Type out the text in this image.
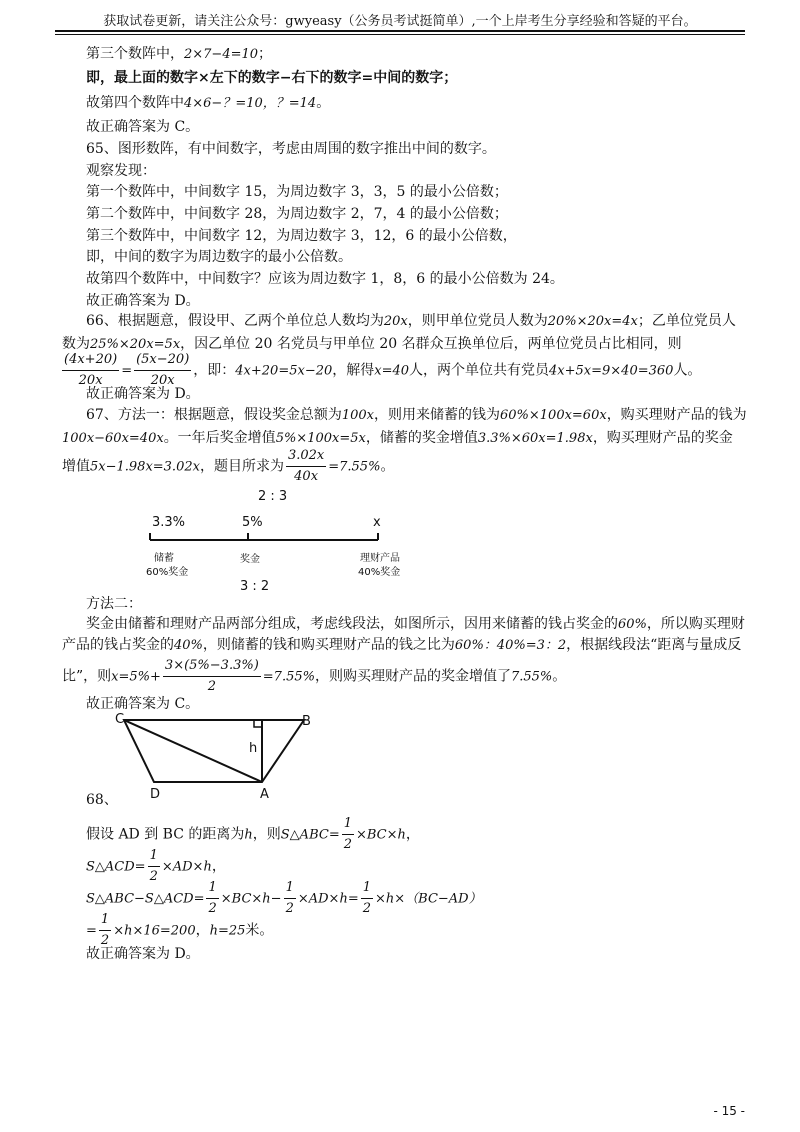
获取试卷更新，请关注公众号：gwyeasy（公务员考试挺简单）,一个上岸考生分享经验和答疑的平台。
第三个数阵中，2×7−4=10；
即，最上面的数字×左下的数字−右下的数字=中间的数字；
故第四个数阵中4×6−？=10，？=14。
故正确答案为 C。
65、图形数阵，有中间数字，考虑由周围的数字推出中间的数字。
观察发现：
第一个数阵中，中间数字 15，为周边数字 3，3，5 的最小公倍数；
第二个数阵中，中间数字 28，为周边数字 2，7，4 的最小公倍数；
第三个数阵中，中间数字 12，为周边数字 3，12，6 的最小公倍数，
即，中间的数字为周边数字的最小公倍数。
故第四个数阵中，中间数字？应该为周边数字 1，8，6 的最小公倍数为 24。
故正确答案为 D。
66、根据题意，假设甲、乙两个单位总人数均为20x，则甲单位党员人数为20%×20x=4x；乙单位党员人
数为25%×20x=5x，因乙单位 20 名党员与甲单位 20 名群众互换单位后，两单位党员占比相同，则
$\frac{(4x+20)}{20x} = \frac{(5x-20)}{20x}$ ，即：4x+20=5x−20，解得x=40人，两个单位共有党员4x+5x=9×40=360人。
故正确答案为 D。
67、方法一：根据题意，假设奖金总额为100x，则用来储蓄的钱为60%×100x=60x，购买理财产品的钱为
100x−60x=40x。一年后奖金增值5%×100x=5x，储蓄的奖金增值3.3%×60x=1.98x，购买理财产品的奖金
增值5x−1.98x=3.02x，题目所求为 $\frac{3.02x}{40x} =7.55\%$。
2 : 3
3.3%	5%	x
储蓄
60%奖金
奖金	理财产品
40%奖金
3 : 2
方法二：
奖金由储蓄和理财产品两部分组成，考虑线段法，如图所示，因用来储蓄的钱占奖金的60%，所以购买理财
产品的钱占奖金的40%，则储蓄的钱和购买理财产品的钱之比为60%：40%=3：2，根据线段法“距离与量成反
比”，则$x=5\%+ \frac{3\times(5\%-3.3\%)}{2} =7.55\%$，则购买理财产品的奖金增值了7.55%。
故正确答案为 C。
C	B
D	A
h
68、
假设 AD 到 BC 的距离为h，则S△ABC= $\frac{1}{2} \times BC\times h$，
S△ACD= $\frac{1}{2} \times AD\times h$，
S△ABC−S△ACD= $\frac{1}{2} \times BC\times h- \frac{1}{2} \times AD\times h= \frac{1}{2} \times h\times(BC-AD)$
= $\frac{1}{2} \times h\times 16=200$，h=25米。
故正确答案为 D。
- 15 -
